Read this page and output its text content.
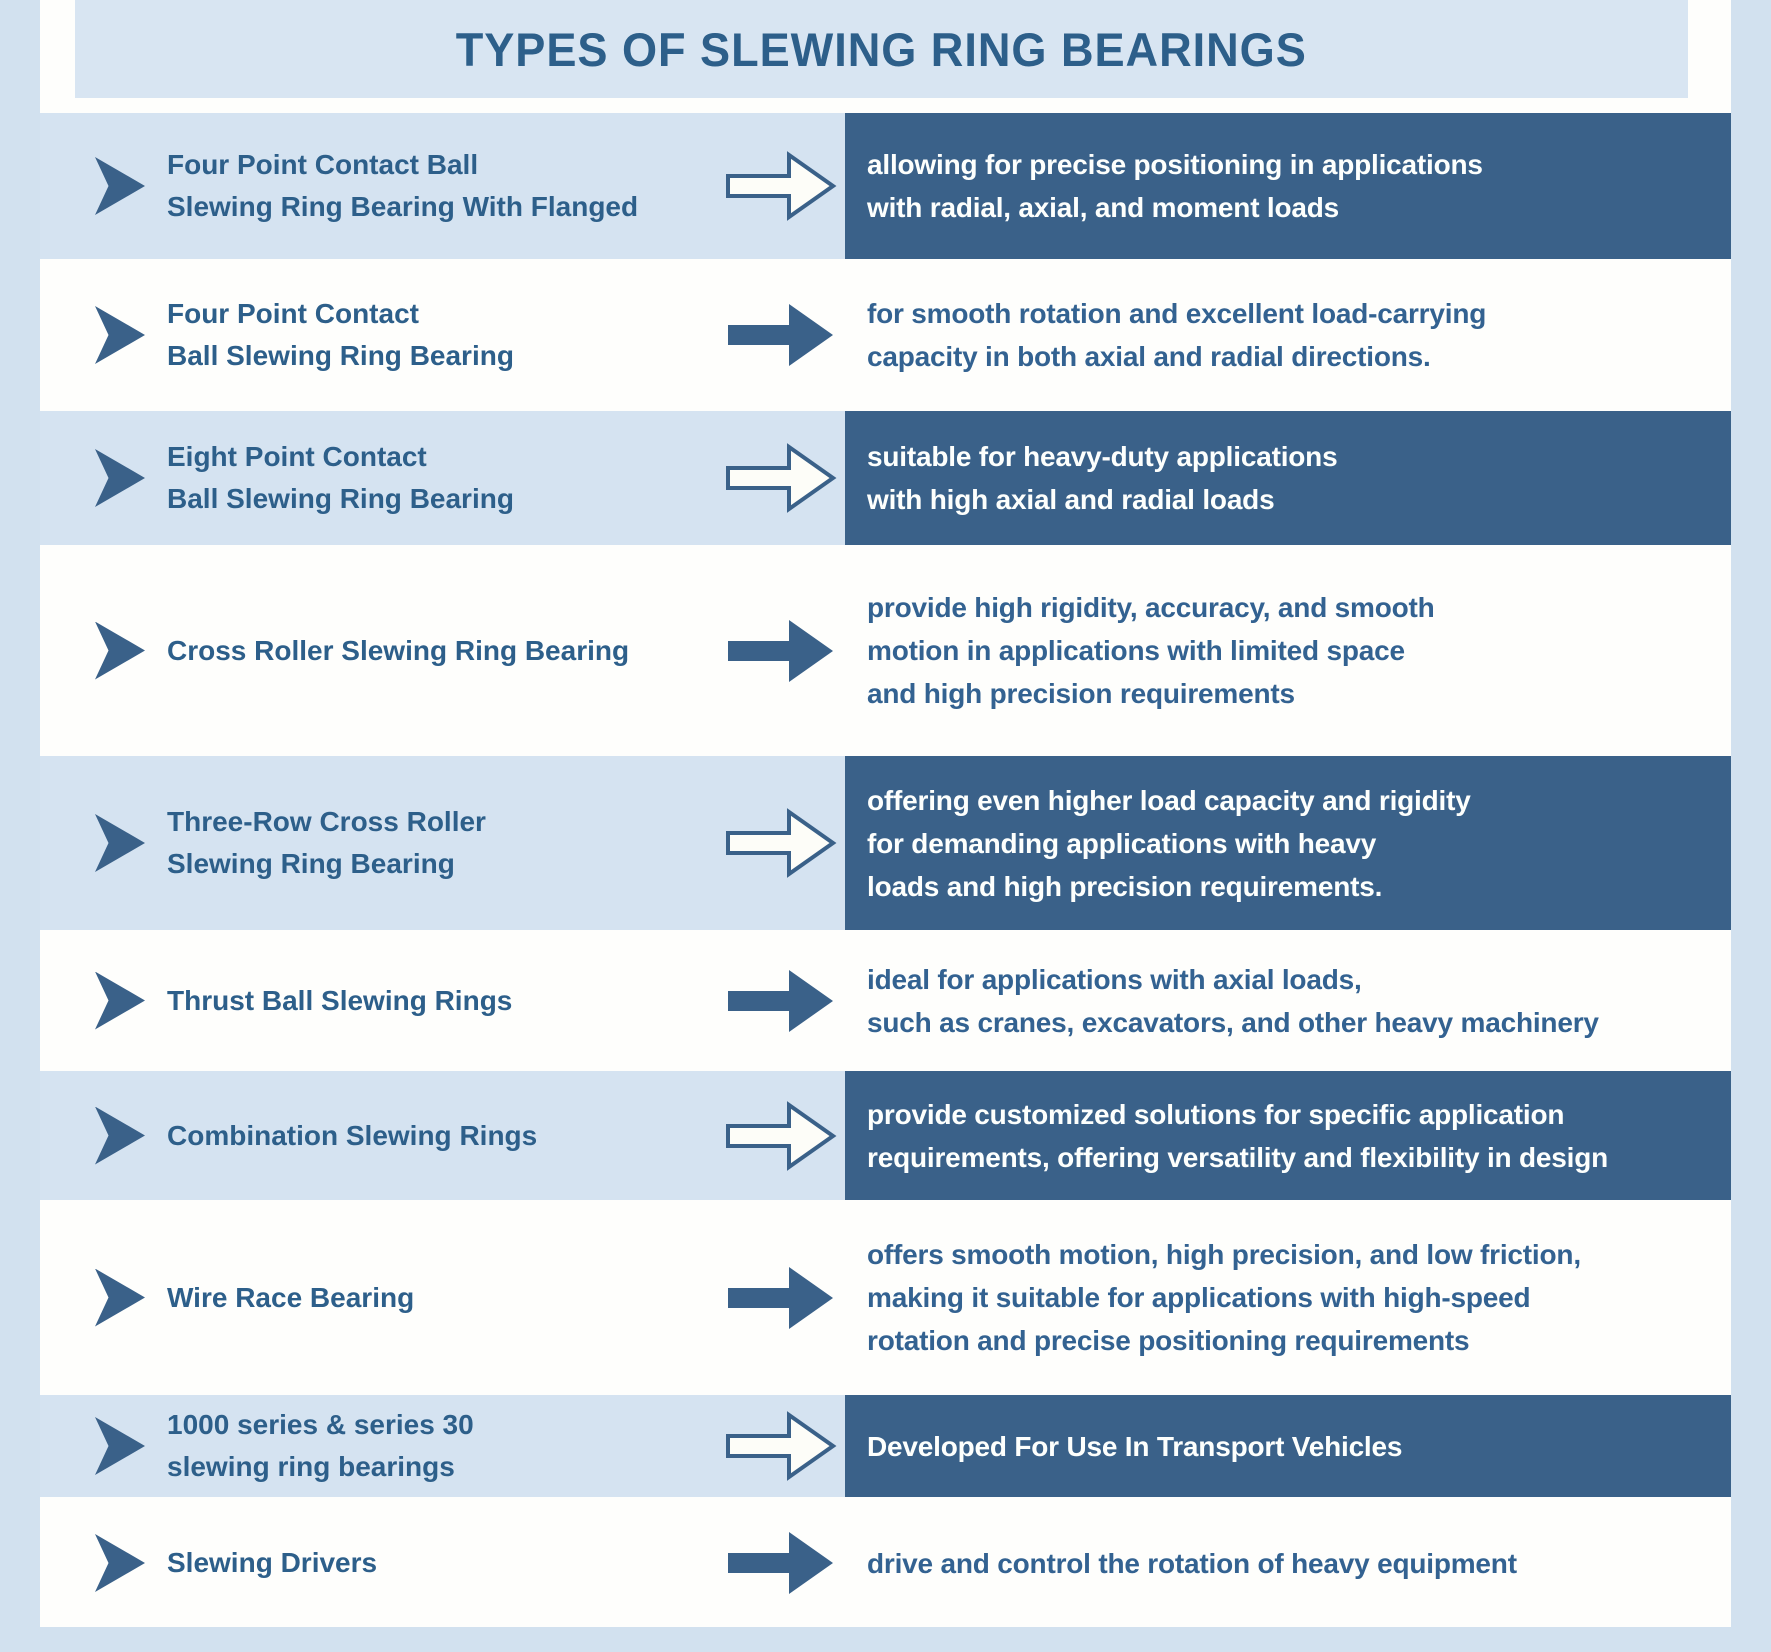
TYPES OF SLEWING RING BEARINGS
Four Point Contact Ball
Slewing Ring Bearing With Flanged
allowing for precise positioning in applications
with radial, axial, and moment loads
Four Point Contact
Ball Slewing Ring Bearing
for smooth rotation and excellent load-carrying
capacity in both axial and radial directions.
Eight Point Contact
Ball Slewing Ring Bearing
suitable for heavy-duty applications
with high axial and radial loads
Cross Roller Slewing Ring Bearing
provide high rigidity, accuracy, and smooth
motion in applications with limited space
and high precision requirements
Three-Row Cross Roller
Slewing Ring Bearing
offering even higher load capacity and rigidity
for demanding applications with heavy
loads and high precision requirements.
Thrust Ball Slewing Rings
ideal for applications with axial loads,
such as cranes, excavators, and other heavy machinery
Combination Slewing Rings
provide customized solutions for specific application
requirements, offering versatility and flexibility in design
Wire Race Bearing
offers smooth motion, high precision, and low friction,
making it suitable for applications with high-speed
rotation and precise positioning requirements
1000 series & series 30
slewing ring bearings
Developed For Use In Transport Vehicles
Slewing Drivers	drive and control the rotation of heavy equipment
